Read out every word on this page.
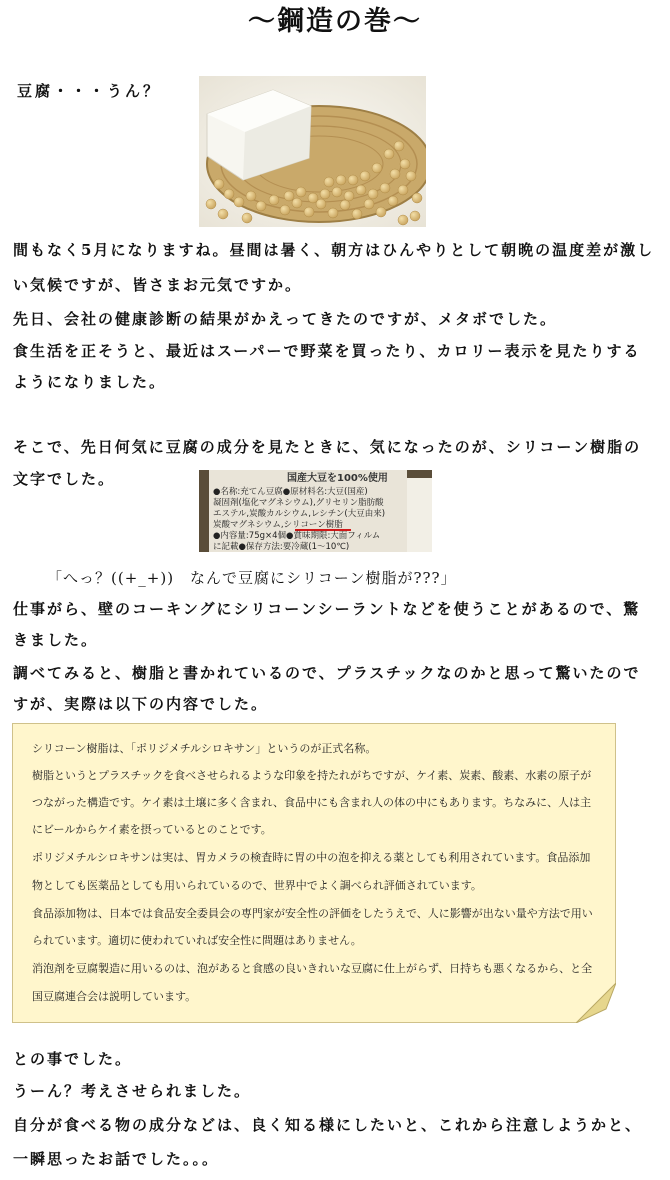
〜鋼造の巻〜
豆腐・・・うん？
間もなく5月になりますね。昼間は暑く、朝方はひんやりとして朝晩の温度差が激し
い気候ですが、皆さまお元気ですか。
先日、会社の健康診断の結果がかえってきたのですが、メタボでした。
食生活を正そうと、最近はスーパーで野菜を買ったり、カロリー表示を見たりする
ようになりました。
そこで、先日何気に豆腐の成分を見たときに、気になったのが、シリコーン樹脂の
文字でした。	国産大豆を100%使用
●名称:充てん豆腐●原材料名:大豆(国産)
凝固剤(塩化マグネシウム),グリセリン脂肪酸
エステル,炭酸カルシウム,レシチン(大豆由来)
炭酸マグネシウム,シリコーン樹脂
●内容量:75g×4個●賞味期限:大面フィルム
に記載●保存方法:要冷蔵(1〜10℃)
「へっ？((+_+))　なんで豆腐にシリコーン樹脂が???」
仕事がら、壁のコーキングにシリコーンシーラントなどを使うことがあるので、驚
きました。
調べてみると、樹脂と書かれているので、プラスチックなのかと思って驚いたので
すが、実際は以下の内容でした。
シリコーン樹脂は、「ポリジメチルシロキサン」というのが正式名称。
樹脂というとプラスチックを食べさせられるような印象を持たれがちですが、ケイ素、炭素、酸素、水素の原子が
つながった構造です。ケイ素は土壌に多く含まれ、食品中にも含まれ人の体の中にもあります。ちなみに、人は主
にビールからケイ素を摂っているとのことです。
ポリジメチルシロキサンは実は、胃カメラの検査時に胃の中の泡を抑える薬としても利用されています。食品添加
物としても医薬品としても用いられているので、世界中でよく調べられ評価されています。
食品添加物は、日本では食品安全委員会の専門家が安全性の評価をしたうえで、人に影響が出ない量や方法で用い
られています。適切に使われていれば安全性に問題はありません。
消泡剤を豆腐製造に用いるのは、泡があると食感の良いきれいな豆腐に仕上がらず、日持ちも悪くなるから、と全
国豆腐連合会は説明しています。
との事でした。
うーん？考えさせられました。
自分が食べる物の成分などは、良く知る様にしたいと、これから注意しようかと、
一瞬思ったお話でした。。。
